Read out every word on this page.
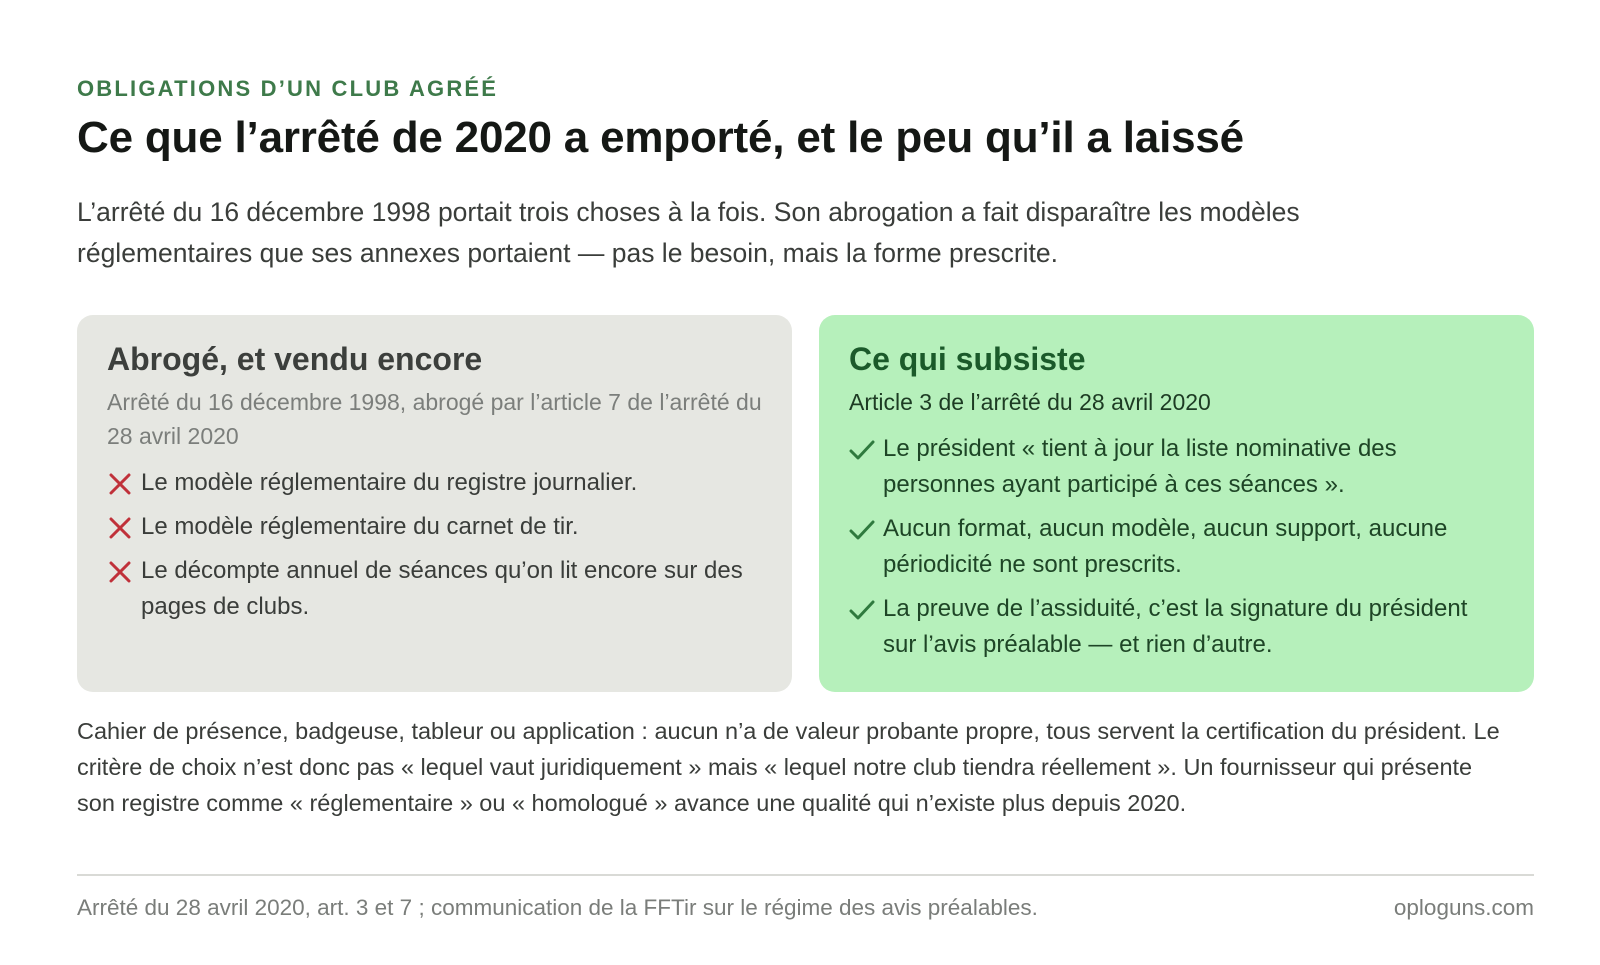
OBLIGATIONS D’UN CLUB AGRÉÉ

Ce que l’arrêté de 2020 a emporté, et le peu qu’il a laissé

L’arrêté du 16 décembre 1998 portait trois choses à la fois. Son abrogation a fait disparaître les modèles réglementaires que ses annexes portaient — pas le besoin, mais la forme prescrite.

Abrogé, et vendu encore

Arrêté du 16 décembre 1998, abrogé par l’article 7 de l’arrêté du 28 avril 2020

Le modèle réglementaire du registre journalier.
Le modèle réglementaire du carnet de tir.
Le décompte annuel de séances qu’on lit encore sur des pages de clubs.
Ce qui subsiste

Article 3 de l’arrêté du 28 avril 2020

Le président « tient à jour la liste nominative des personnes ayant participé à ces séances ».
Aucun format, aucun modèle, aucun support, aucune périodicité ne sont prescrits.
La preuve de l’assiduité, c’est la signature du président sur l’avis préalable — et rien d’autre.

Cahier de présence, badgeuse, tableur ou application : aucun n’a de valeur probante propre, tous servent la certification du président. Le critère de choix n’est donc pas « lequel vaut juridiquement » mais « lequel notre club tiendra réellement ». Un fournisseur qui présente son registre comme « réglementaire » ou « homologué » avance une qualité qui n’existe plus depuis 2020.

Arrêté du 28 avril 2020, art. 3 et 7 ; communication de la FFTir sur le régime des avis préalables.	oploguns.com
